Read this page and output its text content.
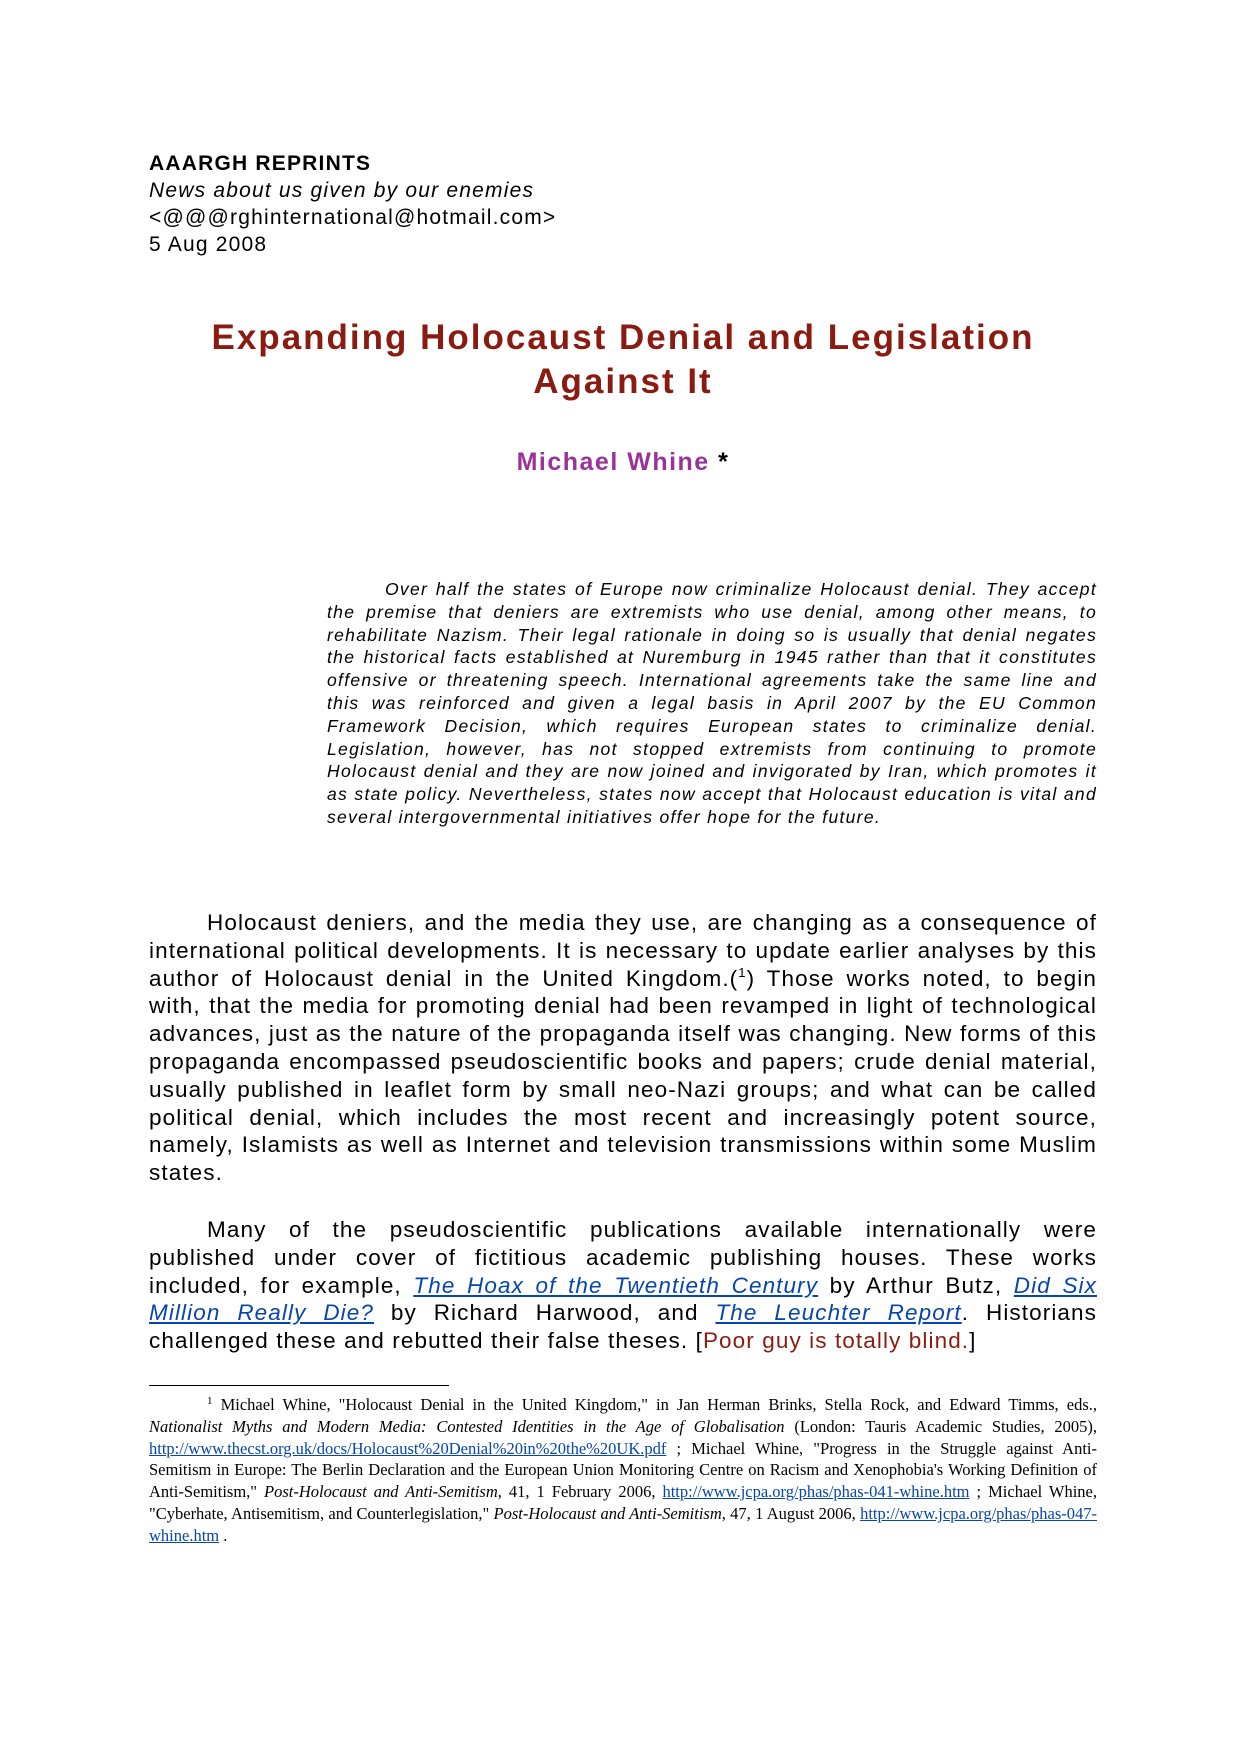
AAARGH REPRINTS
News about us given by our enemies
<@@@rghinternational@hotmail.com>
5 Aug 2008
Expanding Holocaust Denial and Legislation
Against It
Michael Whine *

Over half the states of Europe now criminalize Holocaust denial. They accept the premise that deniers are extremists who use denial, among other means, to rehabilitate Nazism. Their legal rationale in doing so is usually that denial negates the historical facts established at Nuremburg in 1945 rather than that it constitutes offensive or threatening speech. International agreements take the same line and this was reinforced and given a legal basis in April 2007 by the EU Common Framework Decision, which requires European states to criminalize denial. Legislation, however, has not stopped extremists from continuing to promote Holocaust denial and they are now joined and invigorated by Iran, which promotes it as state policy. Nevertheless, states now accept that Holocaust education is vital and several intergovernmental initiatives offer hope for the future.

Holocaust deniers, and the media they use, are changing as a consequence of international political developments. It is necessary to update earlier analyses by this author of Holocaust denial in the United Kingdom.($^1$) Those works noted, to begin with, that the media for promoting denial had been revamped in light of technological advances, just as the nature of the propaganda itself was changing. New forms of this propaganda encompassed pseudoscientific books and papers; crude denial material, usually published in leaflet form by small neo-Nazi groups; and what can be called political denial, which includes the most recent and increasingly potent source, namely, Islamists as well as Internet and television transmissions within some Muslim states.

Many of the pseudoscientific publications available internationally were published under cover of fictitious academic publishing houses. These works included, for example, The Hoax of the Twentieth Century by Arthur Butz, Did Six Million Really Die? by Richard Harwood, and The Leuchter Report. Historians challenged these and rebutted their false theses. [Poor guy is totally blind.]

$^1$ Michael Whine, "Holocaust Denial in the United Kingdom," in Jan Herman Brinks, Stella Rock, and Edward Timms, eds., Nationalist Myths and Modern Media: Contested Identities in the Age of Globalisation (London: Tauris Academic Studies, 2005), http://www.thecst.org.uk/docs/Holocaust%20Denial%20in%20the%20UK.pdf ; Michael Whine, "Progress in the Struggle against Anti-Semitism in Europe: The Berlin Declaration and the European Union Monitoring Centre on Racism and Xenophobia's Working Definition of Anti-Semitism," Post-Holocaust and Anti-Semitism, 41, 1 February 2006, http://www.jcpa.org/phas/phas-041-whine.htm ; Michael Whine, "Cyberhate, Antisemitism, and Counterlegislation," Post-Holocaust and Anti-Semitism, 47, 1 August 2006, http://www.jcpa.org/phas/phas-047-whine.htm .
